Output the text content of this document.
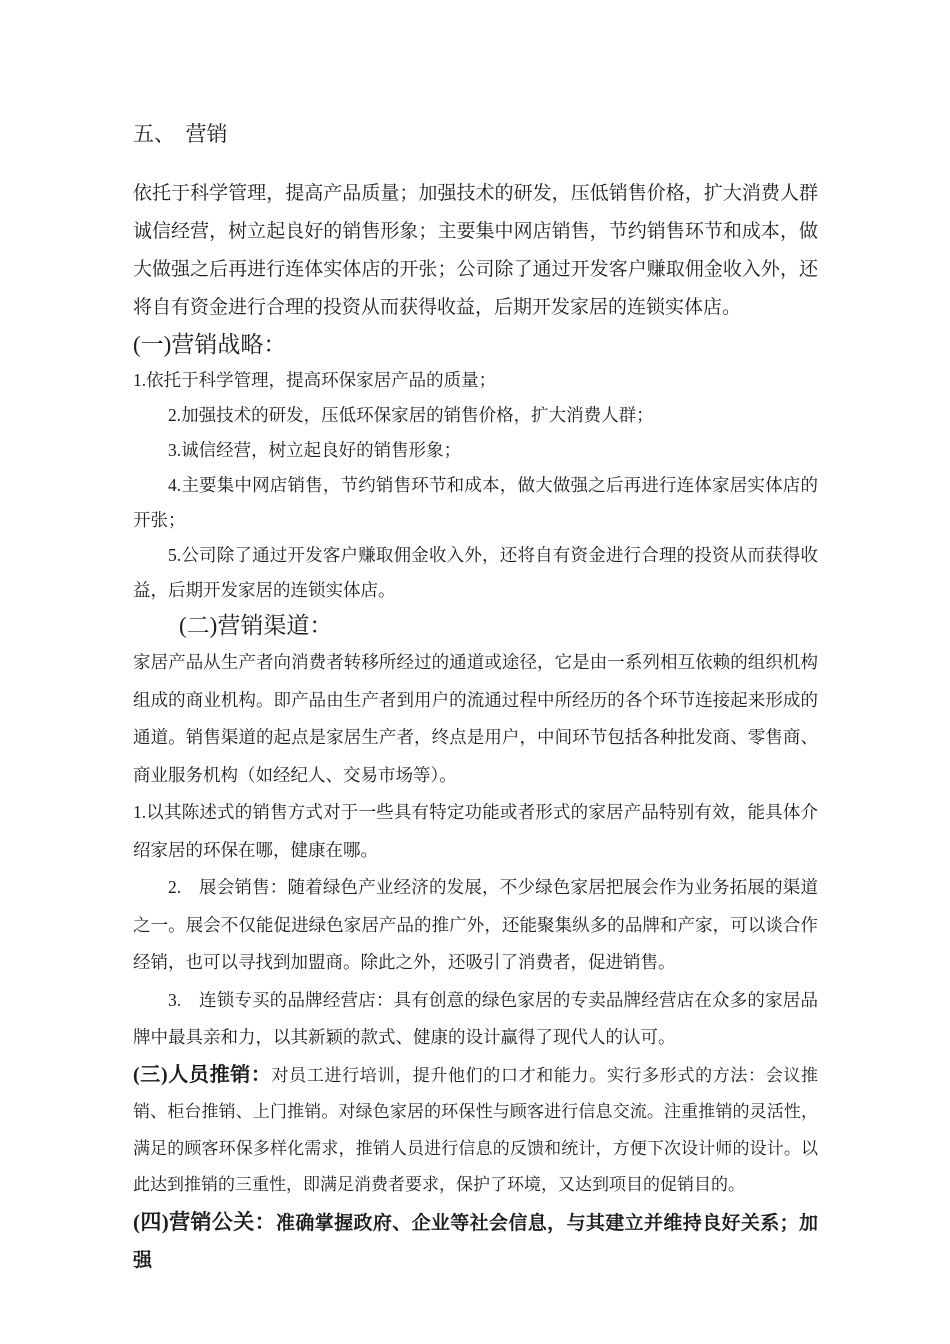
五、　营销

依托于科学管理，提高产品质量；加强技术的研发，压低销售价格，扩大消费人群诚信经营，树立起良好的销售形象；主要集中网店销售，节约销售环节和成本，做大做强之后再进行连体实体店的开张；公司除了通过开发客户赚取佣金收入外，还将自有资金进行合理的投资从而获得收益，后期开发家居的连锁实体店。

(一)营销战略：

1.依托于科学管理，提高环保家居产品的质量；

2.加强技术的研发，压低环保家居的销售价格，扩大消费人群；

3.诚信经营，树立起良好的销售形象；

4.主要集中网店销售，节约销售环节和成本，做大做强之后再进行连体家居实体店的开张；

5.公司除了通过开发客户赚取佣金收入外，还将自有资金进行合理的投资从而获得收益，后期开发家居的连锁实体店。

(二)营销渠道：

家居产品从生产者向消费者转移所经过的通道或途径，它是由一系列相互依赖的组织机构组成的商业机构。即产品由生产者到用户的流通过程中所经历的各个环节连接起来形成的通道。销售渠道的起点是家居生产者，终点是用户，中间环节包括各种批发商、零售商、商业服务机构（如经纪人、交易市场等）。

1.以其陈述式的销售方式对于一些具有特定功能或者形式的家居产品特别有效，能具体介绍家居的环保在哪，健康在哪。

2.　展会销售：随着绿色产业经济的发展，不少绿色家居把展会作为业务拓展的渠道之一。展会不仅能促进绿色家居产品的推广外，还能聚集纵多的品牌和产家，可以谈合作经销，也可以寻找到加盟商。除此之外，还吸引了消费者，促进销售。

3.　连锁专买的品牌经营店：具有创意的绿色家居的专卖品牌经营店在众多的家居品牌中最具亲和力，以其新颖的款式、健康的设计赢得了现代人的认可。

(三)人员推销：对员工进行培训，提升他们的口才和能力。实行多形式的方法：会议推销、柜台推销、上门推销。对绿色家居的环保性与顾客进行信息交流。注重推销的灵活性，满足的顾客环保多样化需求，推销人员进行信息的反馈和统计，方便下次设计师的设计。以此达到推销的三重性，即满足消费者要求，保护了环境，又达到项目的促销目的。

(四)营销公关：准确掌握政府、企业等社会信息，与其建立并维持良好关系；加强
